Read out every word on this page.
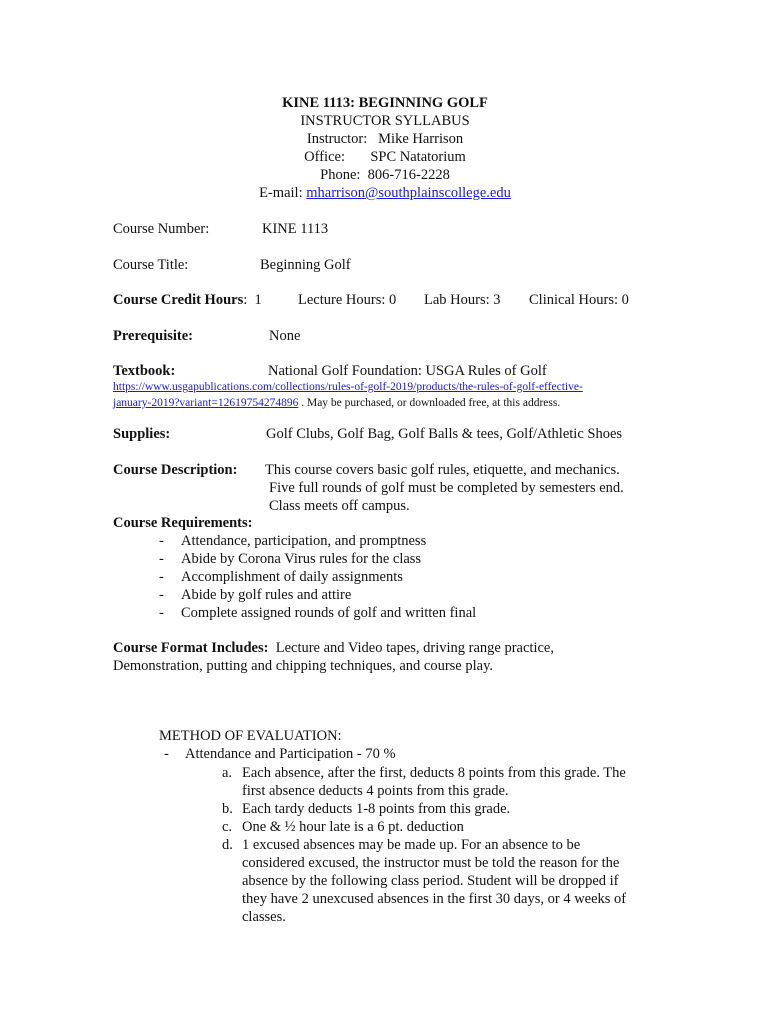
KINE 1113: BEGINNING GOLF
INSTRUCTOR SYLLABUS
Instructor: Mike Harrison
Office: SPC Natatorium
Phone: 806-716-2228
E-mail: mharrison@southplainscollege.edu
Course Number:	KINE 1113
Course Title:	Beginning Golf
Course Credit Hours:  1 Lecture Hours: 0 Lab Hours: 3 Clinical Hours: 0
Prerequisite:	None
Textbook:	National Golf Foundation: USGA Rules of Golf
https://www.usgapublications.com/collections/rules-of-golf-2019/products/the-rules-of-golf-effective-
january-2019?variant=12619754274896 . May be purchased, or downloaded free, at this address.
Supplies:	Golf Clubs, Golf Bag, Golf Balls & tees, Golf/Athletic Shoes
Course Description: This course covers basic golf rules, etiquette, and mechanics.
Five full rounds of golf must be completed by semesters end.
Class meets off campus.
Course Requirements:
- Attendance, participation, and promptness
- Abide by Corona Virus rules for the class
- Accomplishment of daily assignments
- Abide by golf rules and attire
- Complete assigned rounds of golf and written final
Course Format Includes: Lecture and Video tapes, driving range practice,
Demonstration, putting and chipping techniques, and course play.
METHOD OF EVALUATION:
- Attendance and Participation - 70 %
a. Each absence, after the first, deducts 8 points from this grade. The
first absence deducts 4 points from this grade.
b. Each tardy deducts 1-8 points from this grade.
c. One & ½ hour late is a 6 pt. deduction
d. 1 excused absences may be made up. For an absence to be
considered excused, the instructor must be told the reason for the
absence by the following class period. Student will be dropped if
they have 2 unexcused absences in the first 30 days, or 4 weeks of
classes.
